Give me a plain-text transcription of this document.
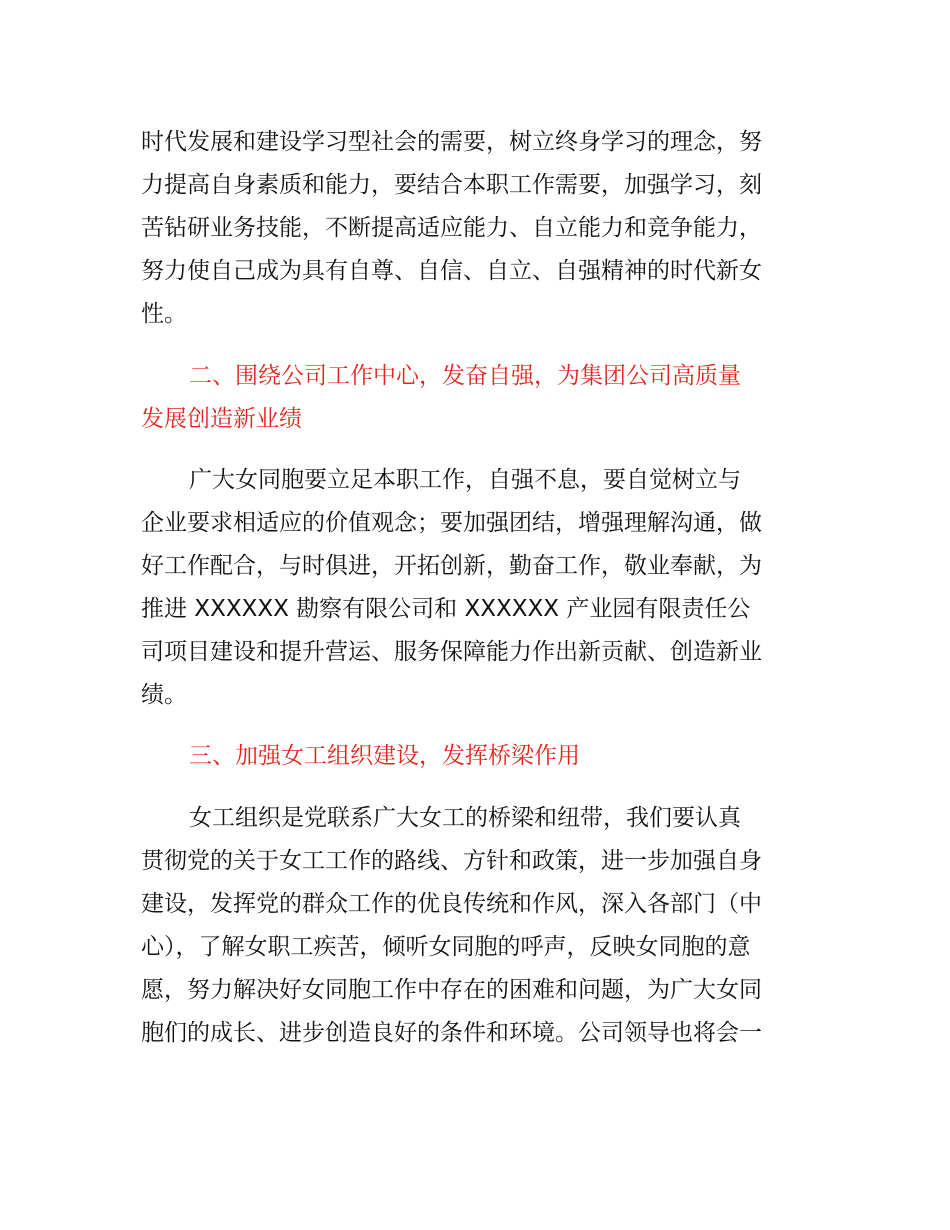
时代发展和建设学习型社会的需要，树立终身学习的理念，努

力提高自身素质和能力，要结合本职工作需要，加强学习，刻

苦钻研业务技能，不断提高适应能力、自立能力和竞争能力，

努力使自己成为具有自尊、自信、自立、自强精神的时代新女

性。

二、围绕公司工作中心，发奋自强，为集团公司高质量

发展创造新业绩

广大女同胞要立足本职工作，自强不息，要自觉树立与

企业要求相适应的价值观念；要加强团结，增强理解沟通，做

好工作配合，与时俱进，开拓创新，勤奋工作，敬业奉献，为

推进 XXXXXX 勘察有限公司和 XXXXXX 产业园有限责任公

司项目建设和提升营运、服务保障能力作出新贡献、创造新业

绩。

三、加强女工组织建设，发挥桥梁作用

女工组织是党联系广大女工的桥梁和纽带，我们要认真

贯彻党的关于女工工作的路线、方针和政策，进一步加强自身

建设，发挥党的群众工作的优良传统和作风，深入各部门（中

心），了解女职工疾苦，倾听女同胞的呼声，反映女同胞的意

愿，努力解决好女同胞工作中存在的困难和问题，为广大女同

胞们的成长、进步创造良好的条件和环境。公司领导也将会一
